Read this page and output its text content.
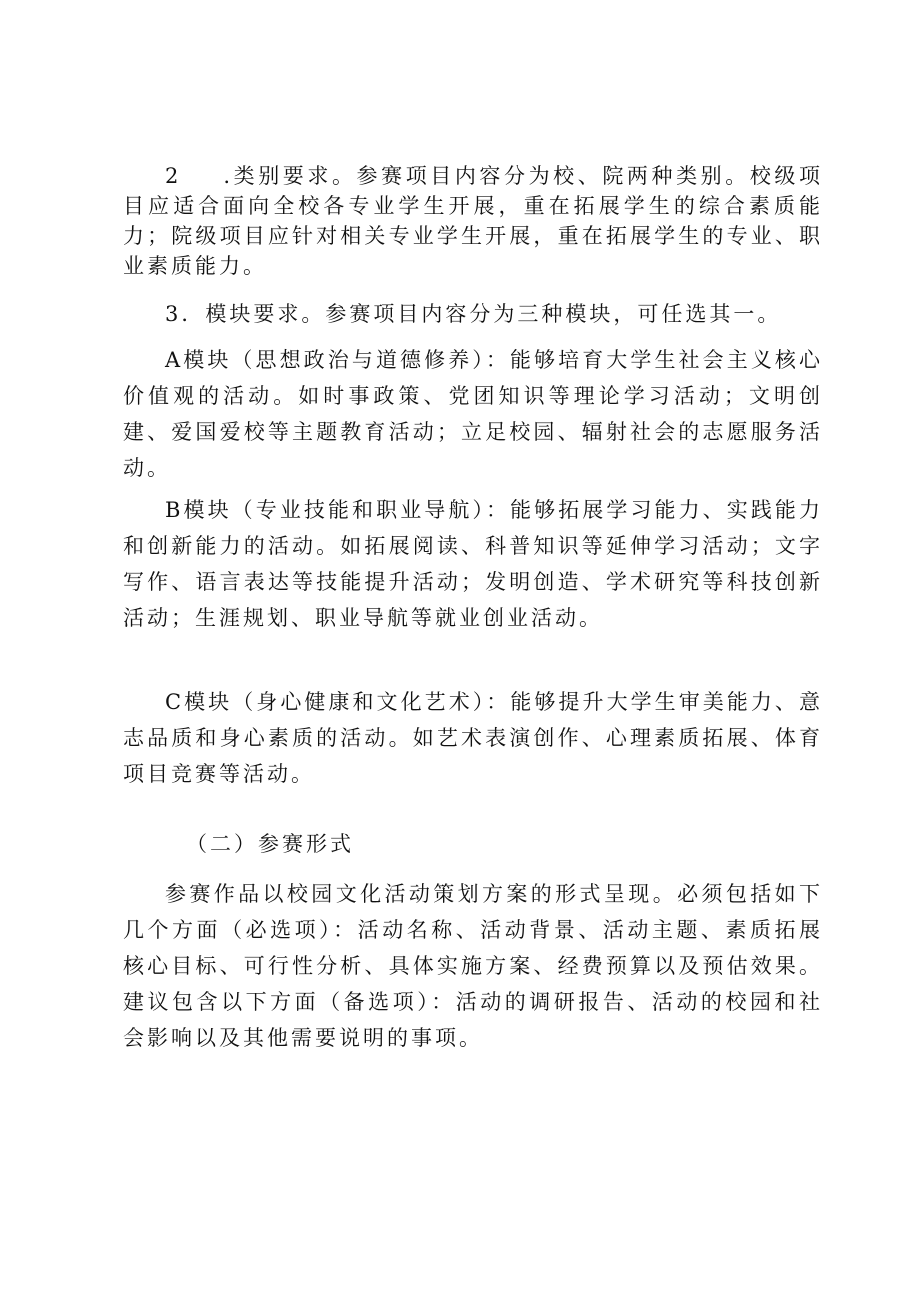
2 .类别要求。参赛项目内容分为校、院两种类别。校级项目应适合面向全校各专业学生开展，重在拓展学生的综合素质能力；院级项目应针对相关专业学生开展，重在拓展学生的专业、职业素质能力。

3．模块要求。参赛项目内容分为三种模块，可任选其一。

A模块（思想政治与道德修养）：能够培育大学生社会主义核心价值观的活动。如时事政策、党团知识等理论学习活动；文明创建、爱国爱校等主题教育活动；立足校园、辐射社会的志愿服务活动。

B模块（专业技能和职业导航）：能够拓展学习能力、实践能力和创新能力的活动。如拓展阅读、科普知识等延伸学习活动；文字写作、语言表达等技能提升活动；发明创造、学术研究等科技创新活动；生涯规划、职业导航等就业创业活动。

C模块（身心健康和文化艺术）：能够提升大学生审美能力、意志品质和身心素质的活动。如艺术表演创作、心理素质拓展、体育项目竞赛等活动。

（二）参赛形式

参赛作品以校园文化活动策划方案的形式呈现。必须包括如下几个方面（必选项）：活动名称、活动背景、活动主题、素质拓展核心目标、可行性分析、具体实施方案、经费预算以及预估效果。建议包含以下方面（备选项）：活动的调研报告、活动的校园和社会影响以及其他需要说明的事项。
